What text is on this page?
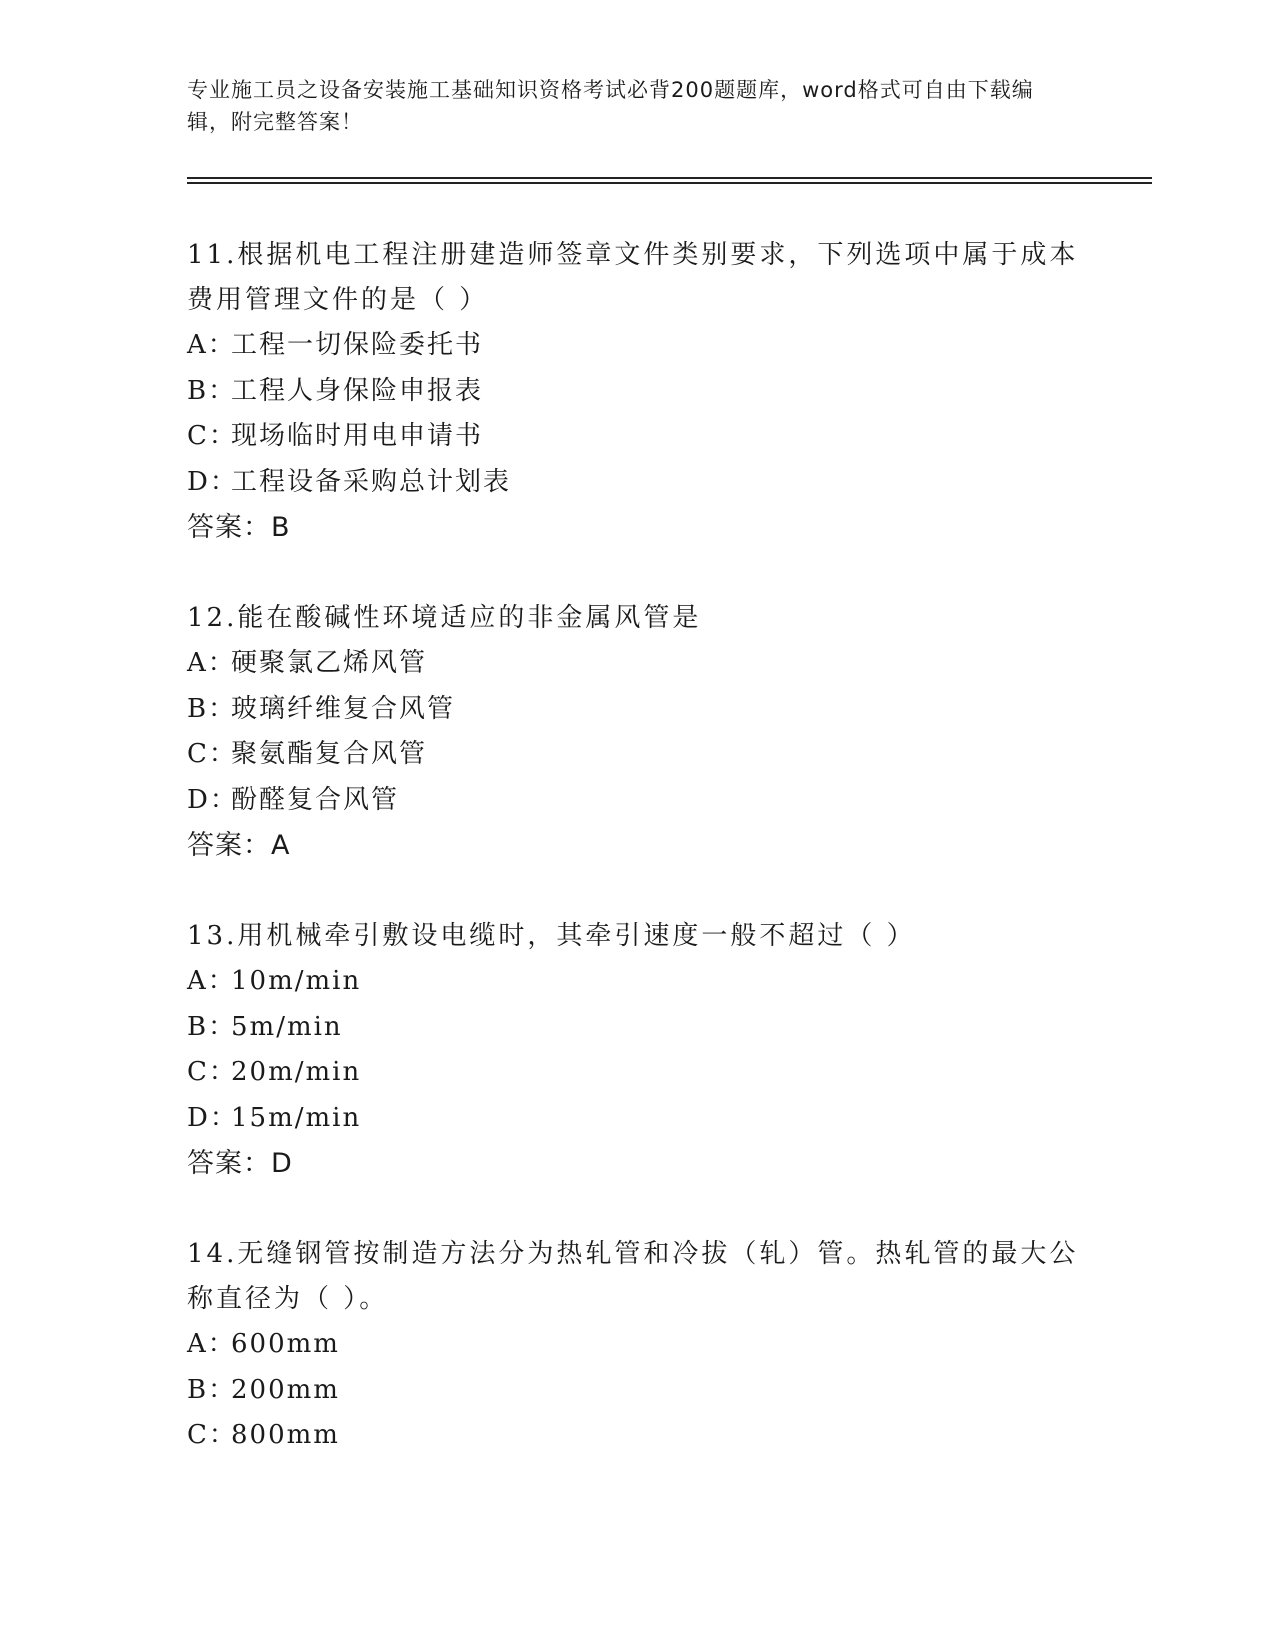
专业施工员之设备安装施工基础知识资格考试必背200题题库，word格式可自由下载编辑，附完整答案！
11.根据机电工程注册建造师签章文件类别要求，下列选项中属于成本费用管理文件的是（ ）
A：工程一切保险委托书
B：工程人身保险申报表
C：现场临时用电申请书
D：工程设备采购总计划表
答案：B
12.能在酸碱性环境适应的非金属风管是
A：硬聚氯乙烯风管
B：玻璃纤维复合风管
C：聚氨酯复合风管
D：酚醛复合风管
答案：A
13.用机械牵引敷设电缆时，其牵引速度一般不超过（ ）
A：10m/min
B：5m/min
C：20m/min
D：15m/min
答案：D
14.无缝钢管按制造方法分为热轧管和冷拔（轧）管。热轧管的最大公称直径为（ ）。
A：600mm
B：200mm
C：800mm
